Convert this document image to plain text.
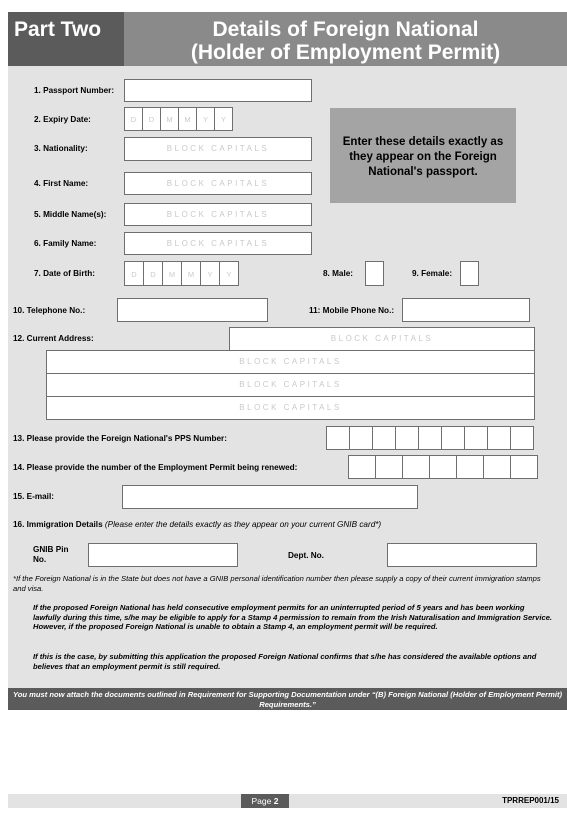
Part Two	Details of Foreign National
(Holder of Employment Permit)
Enter these details exactly as they appear on the Foreign National's passport.
1. Passport Number:
2. Expiry Date:	D	D	M	M	Y	Y
3. Nationality:	BLOCK CAPITALS
4. First Name:	BLOCK CAPITALS
5. Middle Name(s):	BLOCK CAPITALS
6. Family Name:	BLOCK CAPITALS
7. Date of Birth:	D	D	M	M	Y	Y	8. Male:	9. Female:
10. Telephone No.:	11: Mobile Phone No.:
12. Current Address:	BLOCK CAPITALS
BLOCK CAPITALS
BLOCK CAPITALS
BLOCK CAPITALS
13. Please provide the Foreign National's PPS Number:
14. Please provide the number of the Employment Permit being renewed:
15. E-mail:
16. Immigration Details (Please enter the details exactly as they appear on your current GNIB card*)
GNIB Pin No.	Dept. No.
*If the Foreign National is in the State but does not have a GNIB personal identification number then please supply a copy of their current immigration stamps and visa.
If the proposed Foreign National has held consecutive employment permits for an uninterrupted period of 5 years and has been working lawfully during this time, s/he may be eligible to apply for a Stamp 4 permission to remain from the Irish Naturalisation and Immigration Service. However, if the proposed Foreign National is unable to obtain a Stamp 4, an employment permit will be required.
If this is the case, by submitting this application the proposed Foreign National confirms that s/he has considered the available options and believes that an employment permit is still required.
You must now attach the documents outlined in Requirement for Supporting Documentation under “(B) Foreign National (Holder of Employment Permit) Requirements.”
Page 2	TPRREP001/15
